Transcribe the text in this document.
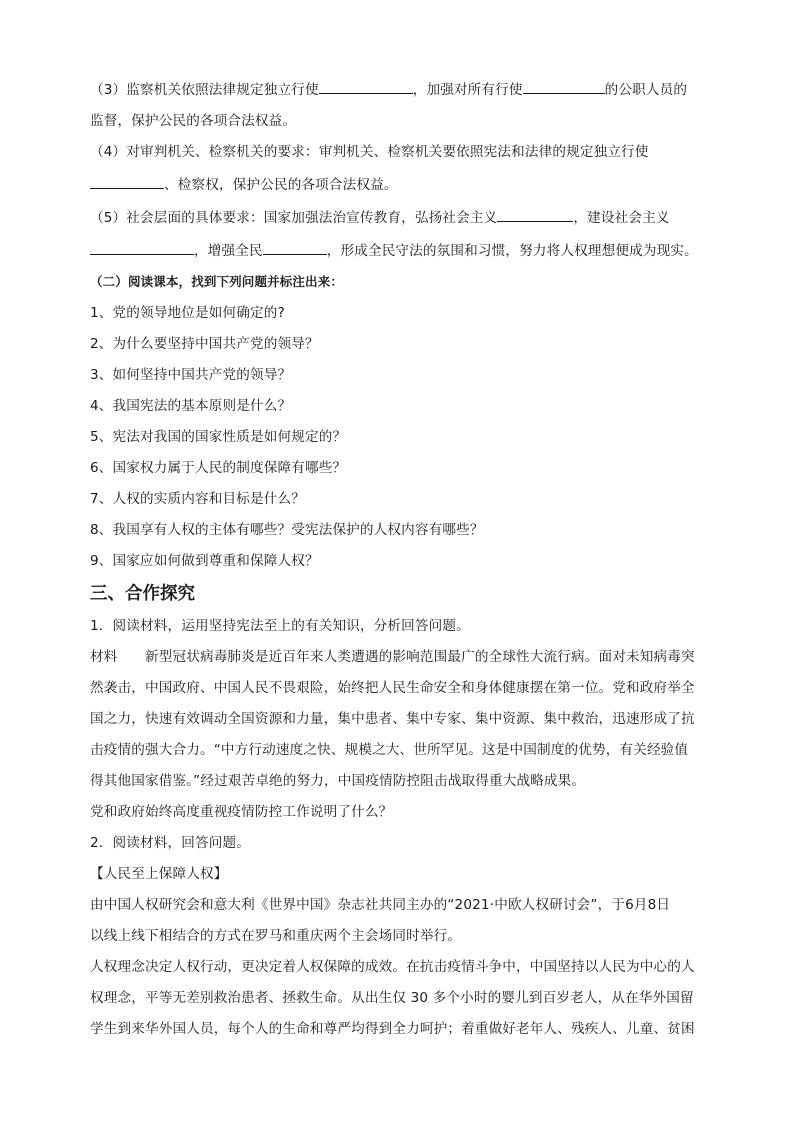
（3）监察机关依照法律规定独立行使	，加强对所有行使	的公职人员的
监督，保护公民的各项合法权益。
（4）对审判机关、检察机关的要求：审判机关、检察机关要依照宪法和法律的规定独立行使
、检察权，保护公民的各项合法权益。
（5）社会层面的具体要求：国家加强法治宣传教育，弘扬社会主义	，建设社会主义
，增强全民	，形成全民守法的氛围和习惯，努力将人权理想便成为现实。
（二）阅读课本，找到下列问题并标注出来：
1、党的领导地位是如何确定的?
2、为什么要坚持中国共产党的领导？
3、如何坚持中国共产党的领导？
4、我国宪法的基本原则是什么？
5、宪法对我国的国家性质是如何规定的？
6、国家权力属于人民的制度保障有哪些？
7、人权的实质内容和目标是什么？
8、我国享有人权的主体有哪些？受宪法保护的人权内容有哪些？
9、国家应如何做到尊重和保障人权？
三、合作探究
1．阅读材料，运用坚持宪法至上的有关知识，分析回答问题。
材料　　新型冠状病毒肺炎是近百年来人类遭遇的影响范围最广的全球性大流行病。面对未知病毒突
然袭击，中国政府、中国人民不畏艰险，始终把人民生命安全和身体健康摆在第一位。党和政府举全
国之力，快速有效调动全国资源和力量，集中患者、集中专家、集中资源、集中救治，迅速形成了抗
击疫情的强大合力。“中方行动速度之快、规模之大、世所罕见。这是中国制度的优势，有关经验值
得其他国家借鉴。”经过艰苦卓绝的努力，中国疫情防控阻击战取得重大战略成果。
党和政府始终高度重视疫情防控工作说明了什么？
2．阅读材料，回答问题。
【人民至上保障人权】
由中国人权研究会和意大利《世界中国》杂志社共同主办的“2021·中欧人权研讨会”，于6月8日
以线上线下相结合的方式在罗马和重庆两个主会场同时举行。
人权理念决定人权行动，更决定着人权保障的成效。在抗击疫情斗争中，中国坚持以人民为中心的人
权理念，平等无差别救治患者、拯救生命。从出生仅 30 多个小时的婴儿到百岁老人，从在华外国留
学生到来华外国人员，每个人的生命和尊严均得到全力呵护；着重做好老年人、残疾人、儿童、贫困
